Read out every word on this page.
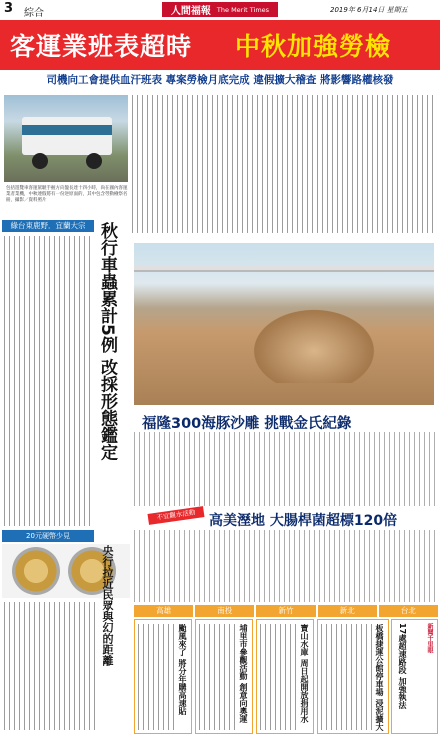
3 綜合	人間福報 The Merit Times	2019年 6月14日 星期五
客運業班表超時 中秋加強勞檢
司機向工會提供血汗班表 專案勞檢月底完成 違假擴大稽查 將影響路權核發
包括遊覽車客運駕駛手握方向盤長達十四小時，尚在國內客運業者業機，中秋連假將有一份逆原面的，其中包含勞動檢察名冊，攝影／資料照片
綠台東鹿野．宜蘭大宗 秋行車蟲累計5例 改採形態鑑定
20元硬幣少見
福隆300海豚沙雕 挑戰金氏紀錄
不宜觀水活動 高美溼地 大腸桿菌超標120倍
央行拉近民眾與幻的距離	高雄	南投	新竹	新北	台北
颱風來了 將分年購高速貼	埔里市參觀活動 創意向奧運	寶山水庫 周日起開放捐用水	板橋捷運公館停車場 浸泥擴大	新聞千里眼
17處超速路段 加強執法
